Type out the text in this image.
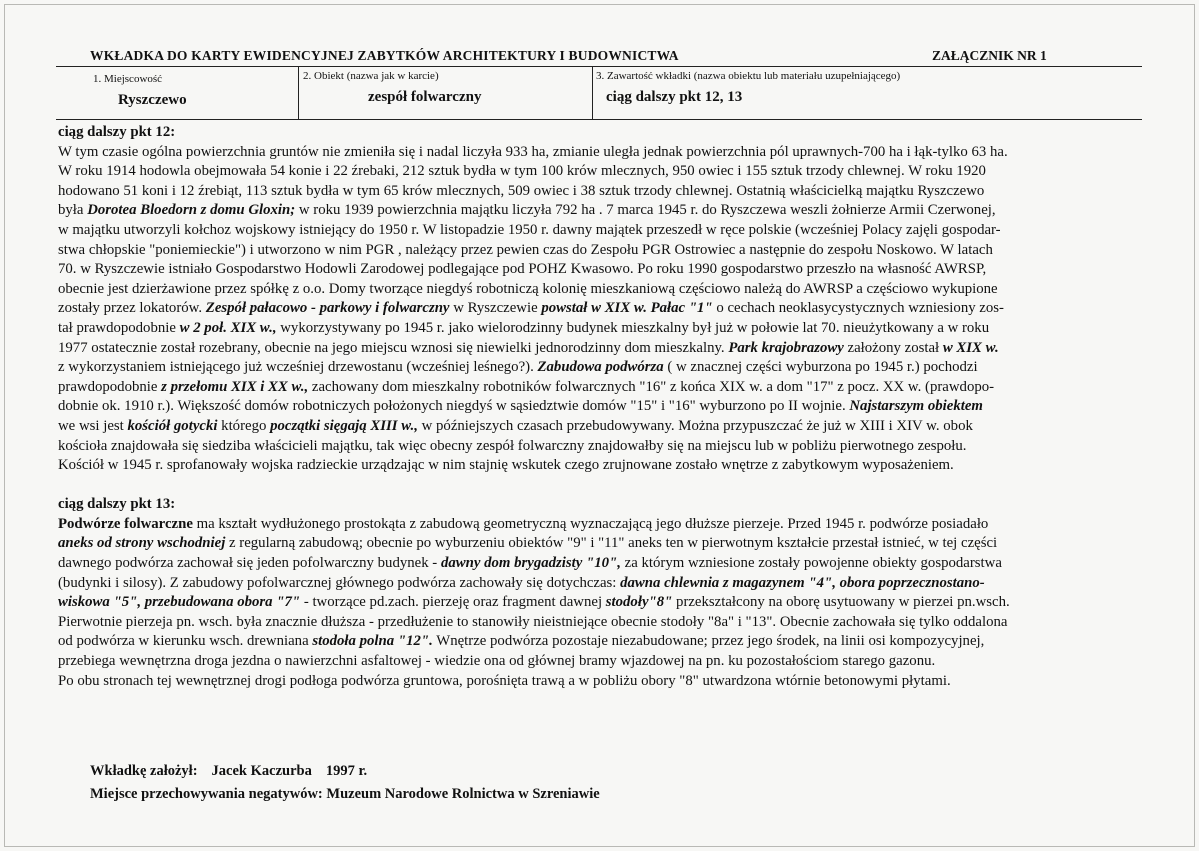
WKŁADKA DO KARTY EWIDENCYJNEJ ZABYTKÓW ARCHITEKTURY I BUDOWNICTWA	ZAŁĄCZNIK NR 1
1. Miejscowość
Ryszczewo
2. Obiekt (nazwa jak w karcie)
zespół folwarczny
3. Zawartość wkładki (nazwa obiektu lub materiału uzupełniającego)
ciąg dalszy pkt 12, 13
ciąg dalszy pkt 12:
W tym czasie ogólna powierzchnia gruntów nie zmieniła się i nadal liczyła 933 ha, zmianie uległa jednak powierzchnia pól uprawnych-700 ha i łąk-tylko 63 ha.
W roku 1914 hodowla obejmowała 54 konie i 22 źrebaki, 212 sztuk bydła w tym 100 krów mlecznych, 950 owiec i 155 sztuk trzody chlewnej. W roku 1920
hodowano 51 koni i 12 źrebiąt, 113 sztuk bydła w tym 65 krów mlecznych, 509 owiec i 38 sztuk trzody chlewnej. Ostatnią właścicielką majątku Ryszczewo
była Dorotea Bloedorn z domu Gloxin; w roku 1939 powierzchnia majątku liczyła 792 ha . 7 marca 1945 r. do Ryszczewa weszli żołnierze Armii Czerwonej,
w majątku utworzyli kołchoz wojskowy istniejący do 1950 r. W listopadzie 1950 r. dawny majątek przeszedł w ręce polskie (wcześniej Polacy zajęli gospodar-
stwa chłopskie "poniemieckie") i utworzono w nim PGR , należący przez pewien czas do Zespołu PGR Ostrowiec a następnie do zespołu Noskowo. W latach
70. w Ryszczewie istniało Gospodarstwo Hodowli Zarodowej podlegające pod POHZ Kwasowo. Po roku 1990 gospodarstwo przeszło na własność AWRSP,
obecnie jest dzierżawione przez spółkę z o.o. Domy tworzące niegdyś robotniczą kolonię mieszkaniową częściowo należą do AWRSP a częściowo wykupione
zostały przez lokatorów. Zespół pałacowo - parkowy i folwarczny w Ryszczewie powstał w XIX w. Pałac "1" o cechach neoklasycystycznych wzniesiony zos-
tał prawdopodobnie w 2 poł. XIX w., wykorzystywany po 1945 r. jako wielorodzinny budynek mieszkalny był już w połowie lat 70. nieużytkowany a w roku
1977 ostatecznie został rozebrany, obecnie na jego miejscu wznosi się niewielki jednorodzinny dom mieszkalny. Park krajobrazowy założony został w XIX w.
z wykorzystaniem istniejącego już wcześniej drzewostanu (wcześniej leśnego?). Zabudowa podwórza ( w znacznej części wyburzona po 1945 r.) pochodzi
prawdopodobnie z przełomu XIX i XX w., zachowany dom mieszkalny robotników folwarcznych "16" z końca XIX w. a dom "17" z pocz. XX w. (prawdopo-
dobnie ok. 1910 r.). Większość domów robotniczych położonych niegdyś w sąsiedztwie domów "15" i "16" wyburzono po II wojnie. Najstarszym obiektem
we wsi jest kościół gotycki którego początki sięgają XIII w., w późniejszych czasach przebudowywany. Można przypuszczać że już w XIII i XIV w. obok
kościoła znajdowała się siedziba właścicieli majątku, tak więc obecny zespół folwarczny znajdowałby się na miejscu lub w pobliżu pierwotnego zespołu.
Kościół w 1945 r. sprofanowały wojska radzieckie urządzając w nim stajnię wskutek czego zrujnowane zostało wnętrze z zabytkowym wyposażeniem.
ciąg dalszy pkt 13:
Podwórze folwarczne ma kształt wydłużonego prostokąta z zabudową geometryczną wyznaczającą jego dłuższe pierzeje. Przed 1945 r. podwórze posiadało
aneks od strony wschodniej z regularną zabudową; obecnie po wyburzeniu obiektów "9" i "11" aneks ten w pierwotnym kształcie przestał istnieć, w tej części
dawnego podwórza zachował się jeden pofolwarczny budynek - dawny dom brygadzisty "10", za którym wzniesione zostały powojenne obiekty gospodarstwa
(budynki i silosy). Z zabudowy pofolwarcznej głównego podwórza zachowały się dotychczas: dawna chlewnia z magazynem "4", obora poprzecznostano-
wiskowa "5", przebudowana obora "7" - tworzące pd.zach. pierzeję oraz fragment dawnej stodoły"8" przekształcony na oborę usytuowany w pierzei pn.wsch.
Pierwotnie pierzeja pn. wsch. była znacznie dłuższa - przedłużenie to stanowiły nieistniejące obecnie stodoły "8a" i "13". Obecnie zachowała się tylko oddalona
od podwórza w kierunku wsch. drewniana stodoła polna "12". Wnętrze podwórza pozostaje niezabudowane; przez jego środek, na linii osi kompozycyjnej,
przebiega wewnętrzna droga jezdna o nawierzchni asfaltowej - wiedzie ona od głównej bramy wjazdowej na pn. ku pozostałościom starego gazonu.
Po obu stronach tej wewnętrznej drogi podłoga podwórza gruntowa, porośnięta trawą a w pobliżu obory "8" utwardzona wtórnie betonowymi płytami.
Wkładkę założył: Jacek Kaczurba 1997 r.
Miejsce przechowywania negatywów: Muzeum Narodowe Rolnictwa w Szreniawie
